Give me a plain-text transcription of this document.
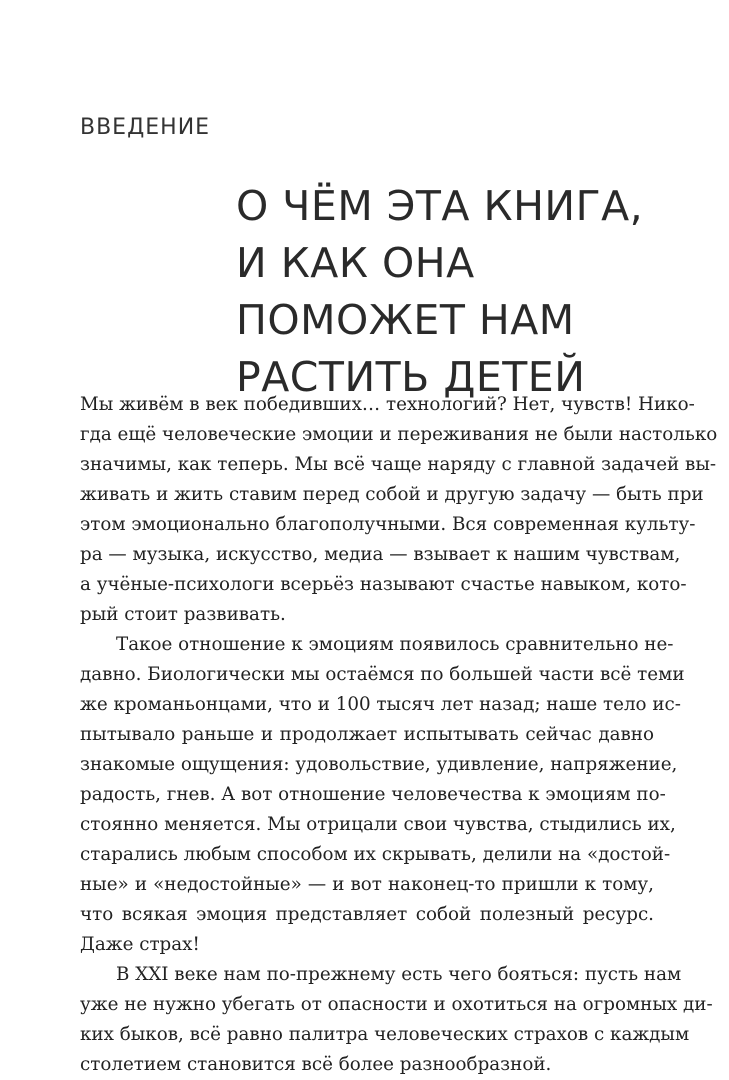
ВВЕДЕНИЕ
О ЧЁМ ЭТА КНИГА,
И КАК ОНА
ПОМОЖЕТ НАМ
РАСТИТЬ ДЕТЕЙ

Мы живём в век победивших… технологий? Нет, чувств! Нико-
гда ещё человеческие эмоции и переживания не были настолько
значимы, как теперь. Мы всё чаще наряду с главной задачей вы-
живать и жить ставим перед собой и другую задачу — быть при
этом эмоционально благополучными. Вся современная культу-
ра — музыка, искусство, медиа — взывает к нашим чувствам,
а учёные-психологи всерьёз называют счастье навыком, кото-
рый стоит развивать.

Такое отношение к эмоциям появилось сравнительно не-
давно. Биологически мы остаёмся по большей части всё теми
же кроманьонцами, что и 100 тысяч лет назад; наше тело ис-
пытывало раньше и продолжает испытывать сейчас давно
знакомые ощущения: удовольствие, удивление, напряжение,
радость, гнев. А вот отношение человечества к эмоциям по-
стоянно меняется. Мы отрицали свои чувства, стыдились их,
старались любым способом их скрывать, делили на «достой-
ные» и «недостойные» — и вот наконец-то пришли к тому,
что всякая эмоция представляет собой полезный ресурс.
Даже страх!

В XXI веке нам по-прежнему есть чего бояться: пусть нам
уже не нужно убегать от опасности и охотиться на огромных ди-
ких быков, всё равно палитра человеческих страхов с каждым
столетием становится всё более разнообразной.
